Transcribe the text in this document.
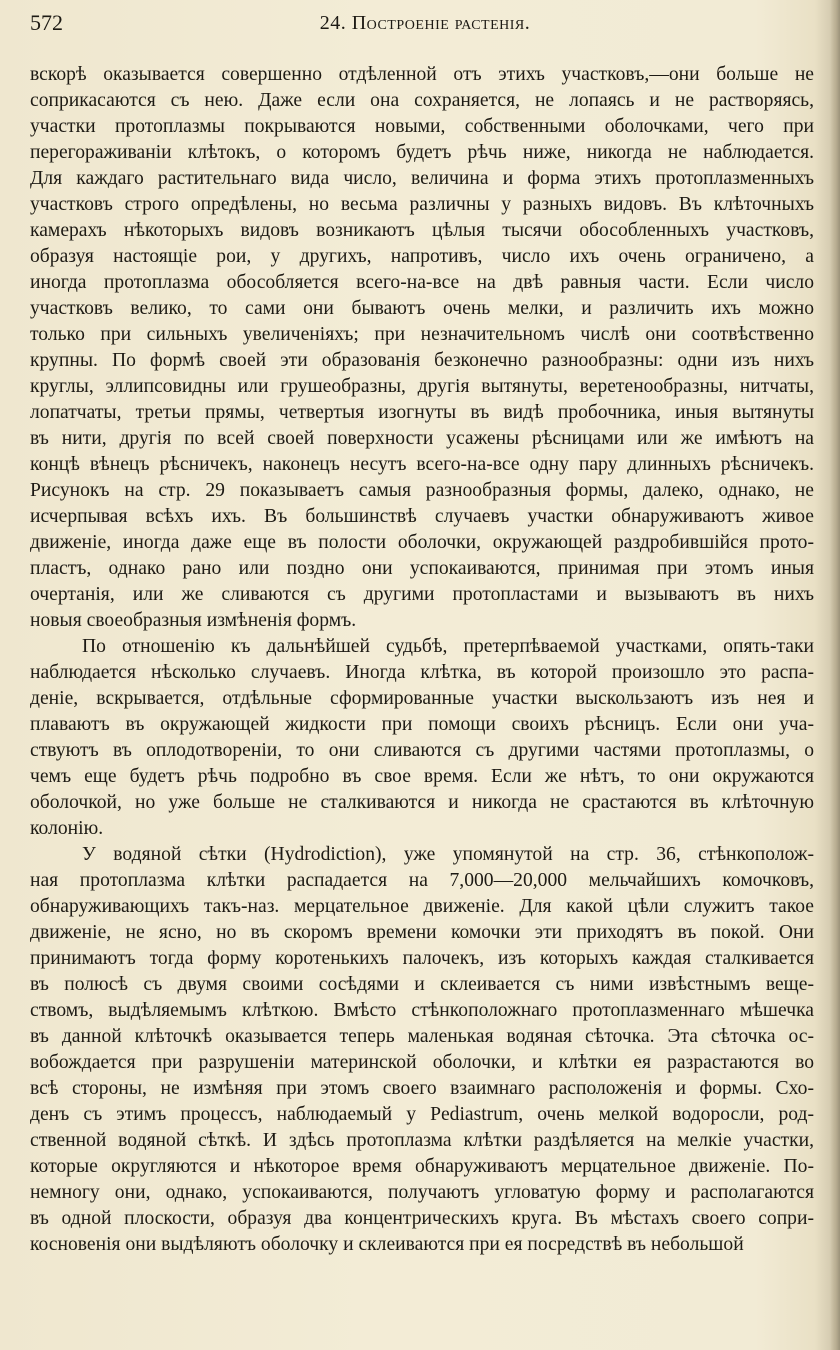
572	24. Построеніе растенія.
вскорѣ оказывается совершенно отдѣленной отъ этихъ участковъ,—они больше не
соприкасаются съ нею. Даже если она сохраняется, не лопаясь и не растворяясь,
участки протоплазмы покрываются новыми, собственными оболочками, чего при
перегораживаніи клѣтокъ, о которомъ будетъ рѣчь ниже, никогда не наблюдается.
Для каждаго растительнаго вида число, величина и форма этихъ протоплазменныхъ
участковъ строго опредѣлены, но весьма различны у разныхъ видовъ. Въ клѣточныхъ
камерахъ нѣкоторыхъ видовъ возникаютъ цѣлыя тысячи обособленныхъ участковъ,
образуя настоящіе рои, у другихъ, напротивъ, число ихъ очень ограничено, а
иногда протоплазма обособляется всего-на-все на двѣ равныя части. Если число
участковъ велико, то сами они бываютъ очень мелки, и различить ихъ можно
только при сильныхъ увеличеніяхъ; при незначительномъ числѣ они соотвѣственно
крупны. По формѣ своей эти образованія безконечно разнообразны: одни изъ нихъ
круглы, эллипсовидны или грушеобразны, другія вытянуты, веретенообразны, нитчаты,
лопатчаты, третьи прямы, четвертыя изогнуты въ видѣ пробочника, иныя вытянуты
въ нити, другія по всей своей поверхности усажены рѣсницами или же имѣютъ на
концѣ вѣнецъ рѣсничекъ, наконецъ несутъ всего-на-все одну пару длинныхъ рѣсничекъ.
Рисунокъ на стр. 29 показываетъ самыя разнообразныя формы, далеко, однако, не
исчерпывая всѣхъ ихъ. Въ большинствѣ случаевъ участки обнаруживаютъ живое
движеніе, иногда даже еще въ полости оболочки, окружающей раздробившійся прото-
пластъ, однако рано или поздно они успокаиваются, принимая при этомъ иныя
очертанія, или же сливаются съ другими протопластами и вызываютъ въ нихъ
новыя своеобразныя измѣненія формъ.
По отношенію къ дальнѣйшей судьбѣ, претерпѣваемой участками, опять-таки
наблюдается нѣсколько случаевъ. Иногда клѣтка, въ которой произошло это распа-
деніе, вскрывается, отдѣльные сформированные участки выскользаютъ изъ нея и
плаваютъ въ окружающей жидкости при помощи своихъ рѣсницъ. Если они уча-
ствуютъ въ оплодотвореніи, то они сливаются съ другими частями протоплазмы, о
чемъ еще будетъ рѣчь подробно въ свое время. Если же нѣтъ, то они окружаются
оболочкой, но уже больше не сталкиваются и никогда не срастаются въ клѣточную
колонію.
У водяной сѣтки (Hydrodiction), уже упомянутой на стр. 36, стѣнкополож-
ная протоплазма клѣтки распадается на 7,000—20,000 мельчайшихъ комочковъ,
обнаруживающихъ такъ-наз. мерцательное движеніе. Для какой цѣли служитъ такое
движеніе, не ясно, но въ скоромъ времени комочки эти приходятъ въ покой. Они
принимаютъ тогда форму коротенькихъ палочекъ, изъ которыхъ каждая сталкивается
въ полюсѣ съ двумя своими сосѣдями и склеивается съ ними извѣстнымъ веще-
ствомъ, выдѣляемымъ клѣткою. Вмѣсто стѣнкоположнаго протоплазменнаго мѣшечка
въ данной клѣточкѣ оказывается теперь маленькая водяная сѣточка. Эта сѣточка ос-
вобождается при разрушеніи материнской оболочки, и клѣтки ея разрастаются во
всѣ стороны, не измѣняя при этомъ своего взаимнаго расположенія и формы. Схо-
денъ съ этимъ процессъ, наблюдаемый у Pediastrum, очень мелкой водоросли, род-
ственной водяной сѣткѣ. И здѣсь протоплазма клѣтки раздѣляется на мелкіе участки,
которые округляются и нѣкоторое время обнаруживаютъ мерцательное движеніе. По-
немногу они, однако, успокаиваются, получаютъ угловатую форму и располагаются
въ одной плоскости, образуя два концентрическихъ круга. Въ мѣстахъ своего сопри-
косновенія они выдѣляютъ оболочку и склеиваются при ея посредствѣ въ небольшой
